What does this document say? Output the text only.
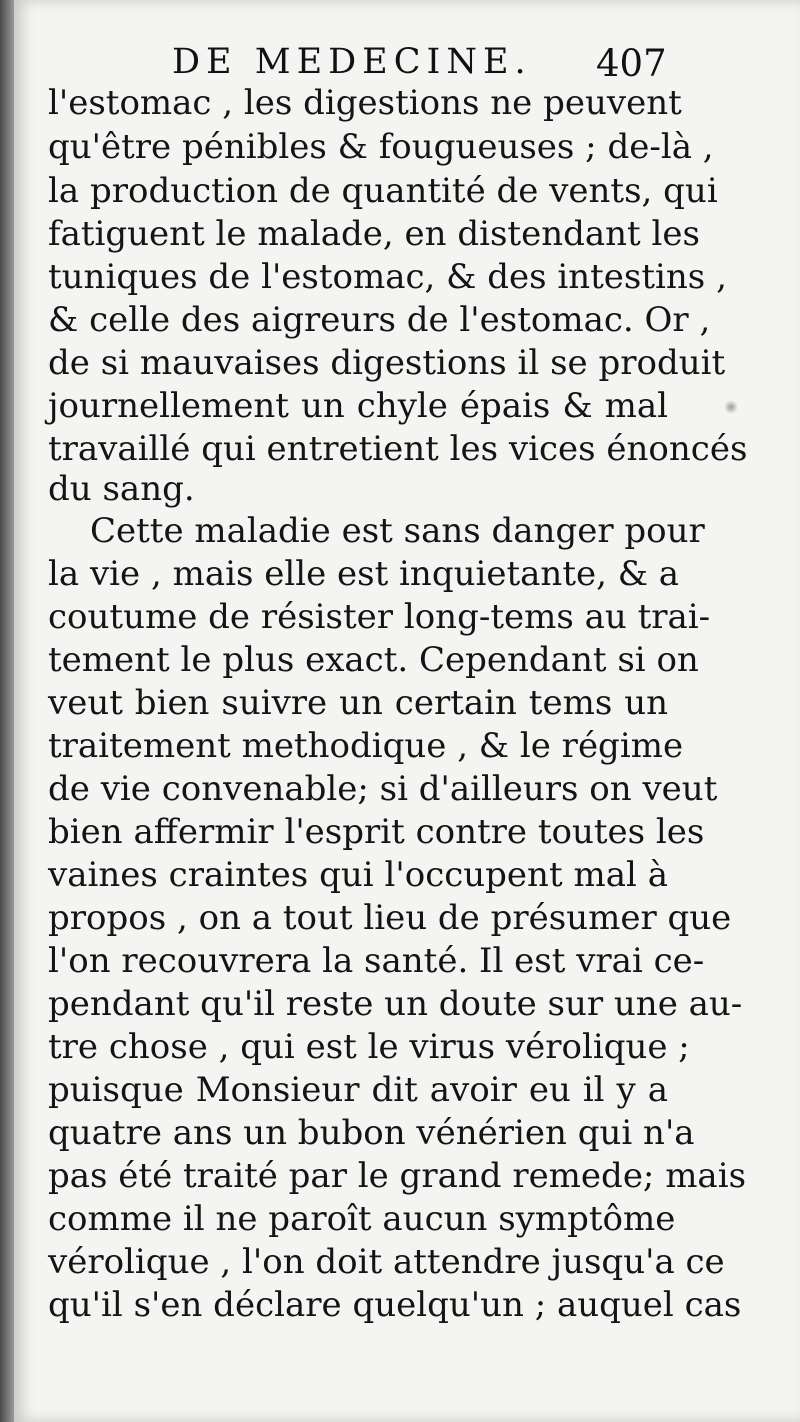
DE MEDECINE. 407
l'estomac , les digestions ne peuvent
qu'être pénibles & fougueuses ; de-là ,
la production de quantité de vents, qui
fatiguent le malade, en distendant les
tuniques de l'estomac, & des intestins ,
& celle des aigreurs de l'estomac. Or ,
de si mauvaises digestions il se produit
journellement un chyle épais & mal
travaillé qui entretient les vices énoncés
du sang.
Cette maladie est sans danger pour
la vie , mais elle est inquietante, & a
coutume de résister long-tems au trai-
tement le plus exact. Cependant si on
veut bien suivre un certain tems un
traitement methodique , & le régime
de vie convenable; si d'ailleurs on veut
bien affermir l'esprit contre toutes les
vaines craintes qui l'occupent mal à
propos , on a tout lieu de présumer que
l'on recouvrera la santé. Il est vrai ce-
pendant qu'il reste un doute sur une au-
tre chose , qui est le virus vérolique ;
puisque Monsieur dit avoir eu il y a
quatre ans un bubon vénérien qui n'a
pas été traité par le grand remede; mais
comme il ne paroît aucun symptôme
vérolique , l'on doit attendre jusqu'a ce
qu'il s'en déclare quelqu'un ; auquel cas
